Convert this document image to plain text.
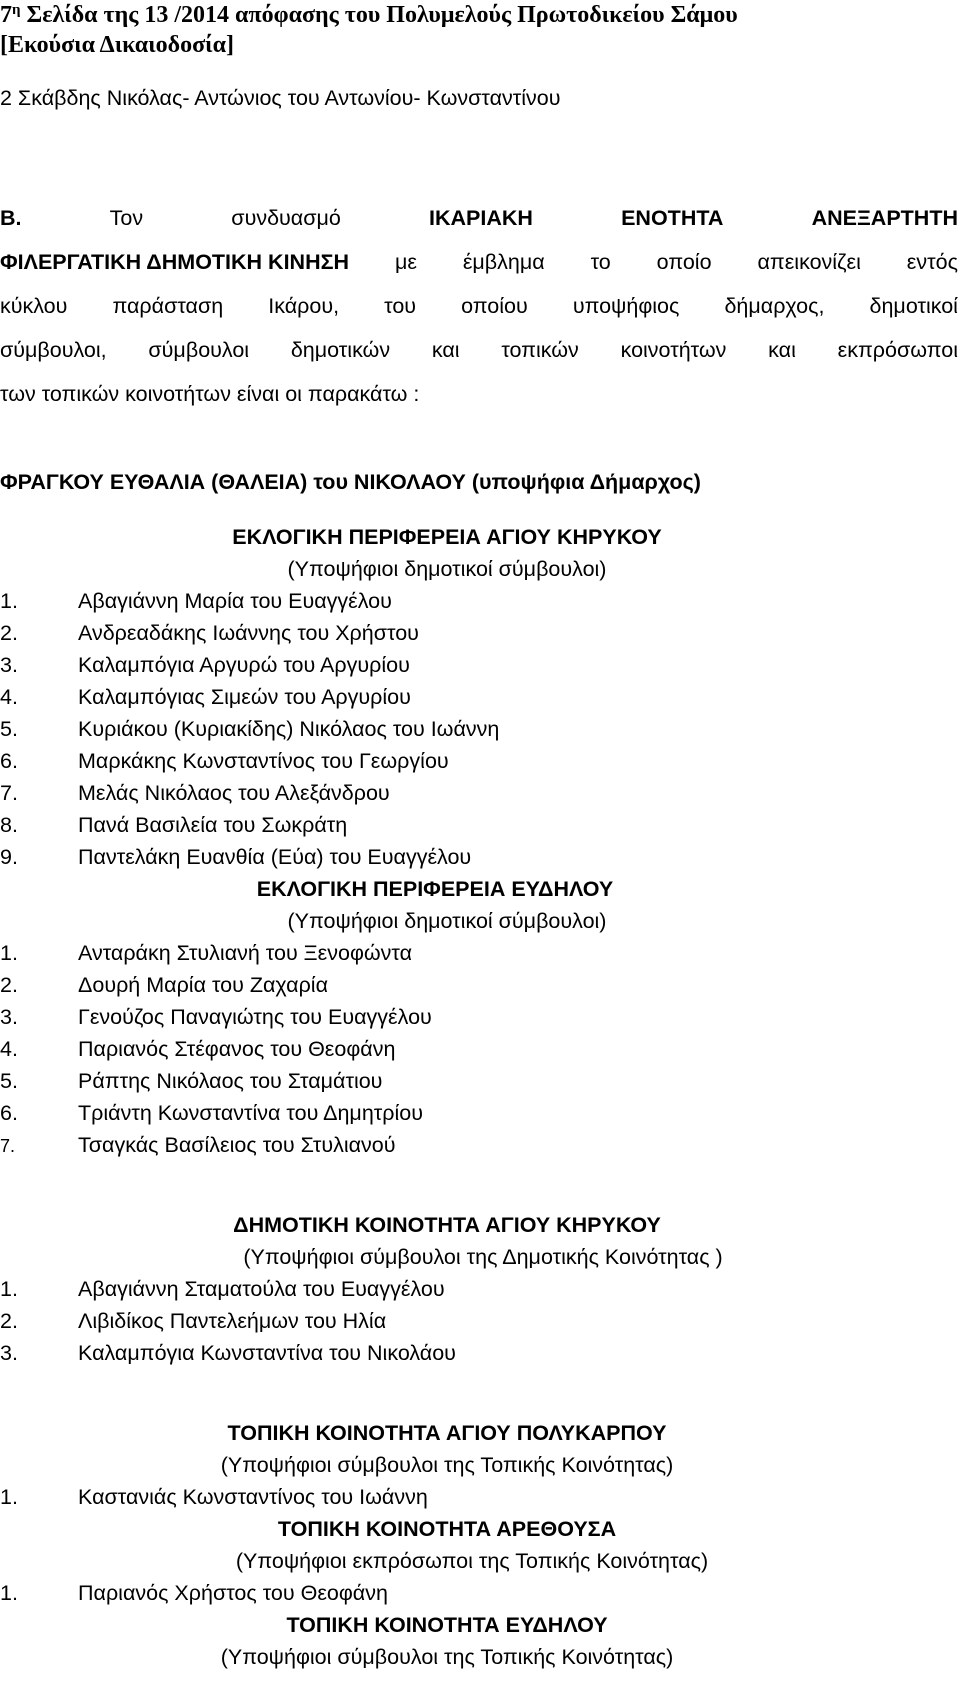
$7^\eta$ Σελίδα της 13 /2014 απόφασης του Πολυμελούς Πρωτοδικείου Σάμου
[Εκούσια Δικαιοδοσία]
2 Σκάβδης Νικόλας- Αντώνιος του Αντωνίου- Κωνσταντίνου
Β.	Τον	συνδυασμό	ΙΚΑΡΙΑΚΗ	ΕΝΟΤΗΤΑ	ΑΝΕΞΑΡΤΗΤΗ
ΦΙΛΕΡΓΑΤΙΚΗ ΔΗΜΟΤΙΚΗ ΚΙΝΗΣΗ με έμβλημα το οποίο απεικονίζει εντός
κύκλου παράσταση Ικάρου, του οποίου υποψήφιος δήμαρχος, δημοτικοί
σύμβουλοι, σύμβουλοι δημοτικών και τοπικών κοινοτήτων και εκπρόσωποι
των τοπικών κοινοτήτων είναι οι παρακάτω :
ΦΡΑΓΚΟΥ ΕΥΘΑΛΙΑ (ΘΑΛΕΙΑ) του ΝΙΚΟΛΑΟΥ (υποψήφια Δήμαρχος)
ΕΚΛΟΓΙΚΗ ΠΕΡΙΦΕΡΕΙΑ ΑΓΙΟΥ ΚΗΡΥΚΟΥ
(Υποψήφιοι δημοτικοί σύμβουλοι)
1.	Αβαγιάννη Μαρία του Ευαγγέλου
2.	Ανδρεαδάκης Ιωάννης του Χρήστου
3.	Καλαμπόγια Αργυρώ του Αργυρίου
4.	Καλαμπόγιας Σιμεών του Αργυρίου
5.	Κυριάκου (Κυριακίδης) Νικόλαος του Ιωάννη
6.	Μαρκάκης Κωνσταντίνος του Γεωργίου
7.	Μελάς Νικόλαος του Αλεξάνδρου
8.	Πανά Βασιλεία του Σωκράτη
9.	Παντελάκη Ευανθία (Εύα) του Ευαγγέλου
ΕΚΛΟΓΙΚΗ ΠΕΡΙΦΕΡΕΙΑ ΕΥΔΗΛΟΥ
(Υποψήφιοι δημοτικοί σύμβουλοι)
1.	Ανταράκη Στυλιανή του Ξενοφώντα
2.	Δουρή Μαρία του Ζαχαρία
3.	Γενούζος Παναγιώτης του Ευαγγέλου
4.	Παριανός Στέφανος του Θεοφάνη
5.	Ράπτης Νικόλαος του Σταμάτιου
6.	Τριάντη Κωνσταντίνα του Δημητρίου
7.	Τσαγκάς Βασίλειος του Στυλιανού
ΔΗΜΟΤΙΚΗ ΚΟΙΝΟΤΗΤΑ ΑΓΙΟΥ ΚΗΡΥΚΟΥ
(Υποψήφιοι σύμβουλοι της Δημοτικής Κοινότητας )
1.	Αβαγιάννη Σταματούλα του Ευαγγέλου
2.	Λιβιδίκος Παντελεήμων του Ηλία
3.	Καλαμπόγια Κωνσταντίνα του Νικολάου
ΤΟΠΙΚΗ ΚΟΙΝΟΤΗΤΑ ΑΓΙΟΥ ΠΟΛΥΚΑΡΠΟΥ
(Υποψήφιοι σύμβουλοι της Τοπικής Κοινότητας)
1.	Καστανιάς Κωνσταντίνος του Ιωάννη
ΤΟΠΙΚΗ ΚΟΙΝΟΤΗΤΑ ΑΡΕΘΟΥΣΑ
(Υποψήφιοι εκπρόσωποι της Τοπικής Κοινότητας)
1.	Παριανός Χρήστος του Θεοφάνη
ΤΟΠΙΚΗ ΚΟΙΝΟΤΗΤΑ ΕΥΔΗΛΟΥ
(Υποψήφιοι σύμβουλοι της Τοπικής Κοινότητας)
